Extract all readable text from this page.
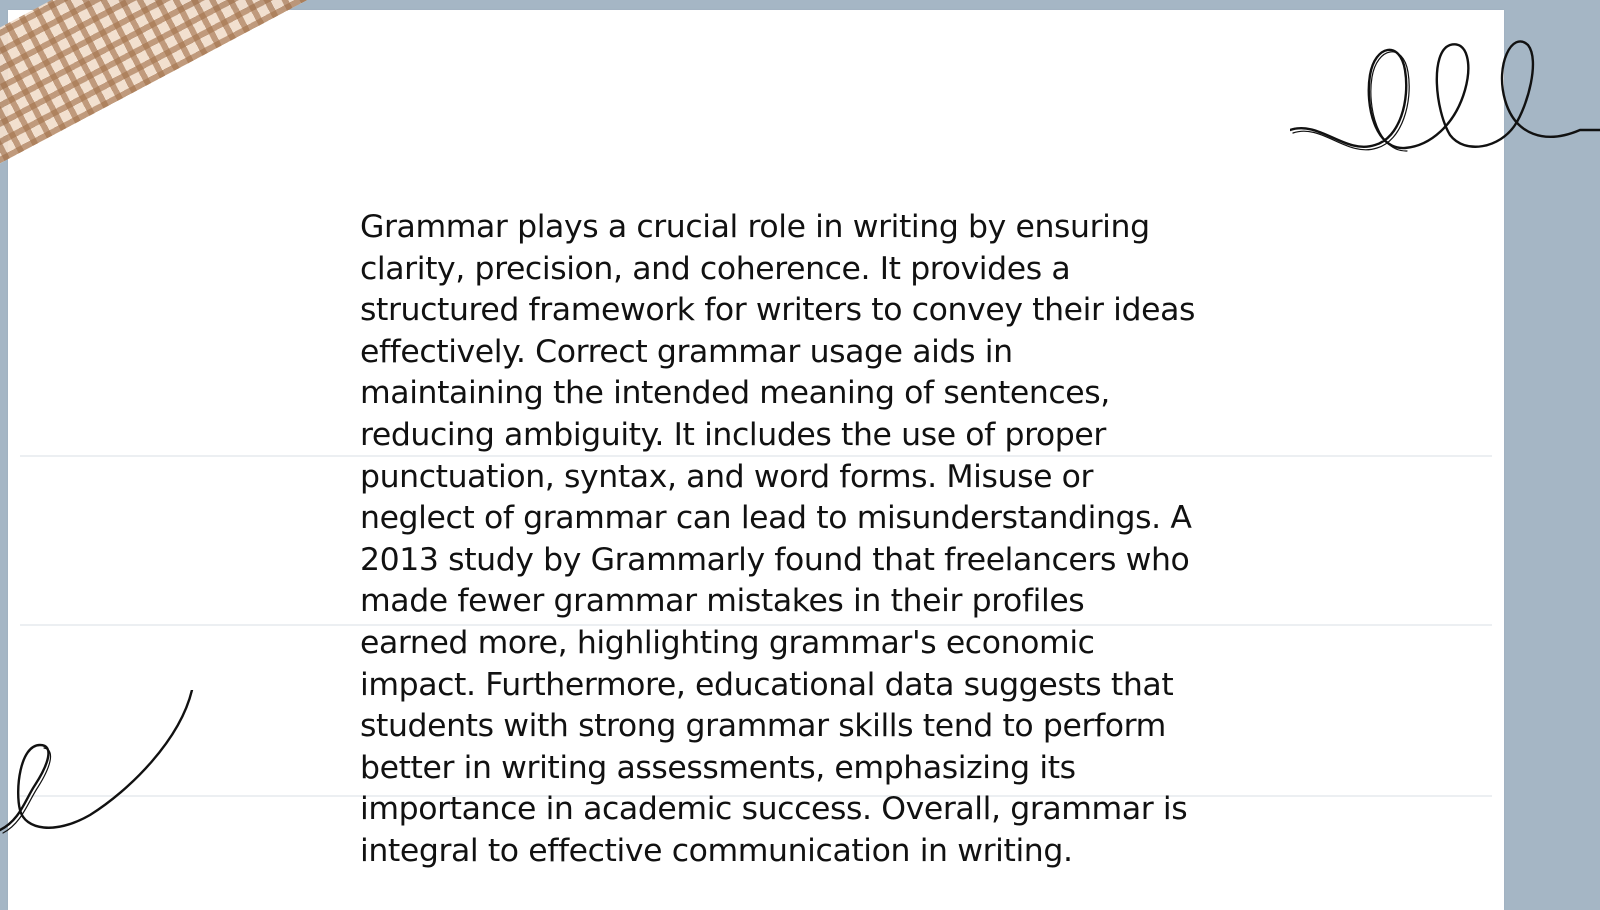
Grammar plays a crucial role in writing by ensuring
clarity, precision, and coherence. It provides a
structured framework for writers to convey their ideas
effectively. Correct grammar usage aids in
maintaining the intended meaning of sentences,
reducing ambiguity. It includes the use of proper
punctuation, syntax, and word forms. Misuse or
neglect of grammar can lead to misunderstandings. A
2013 study by Grammarly found that freelancers who
made fewer grammar mistakes in their profiles
earned more, highlighting grammar's economic
impact. Furthermore, educational data suggests that
students with strong grammar skills tend to perform
better in writing assessments, emphasizing its
importance in academic success. Overall, grammar is
integral to effective communication in writing.
